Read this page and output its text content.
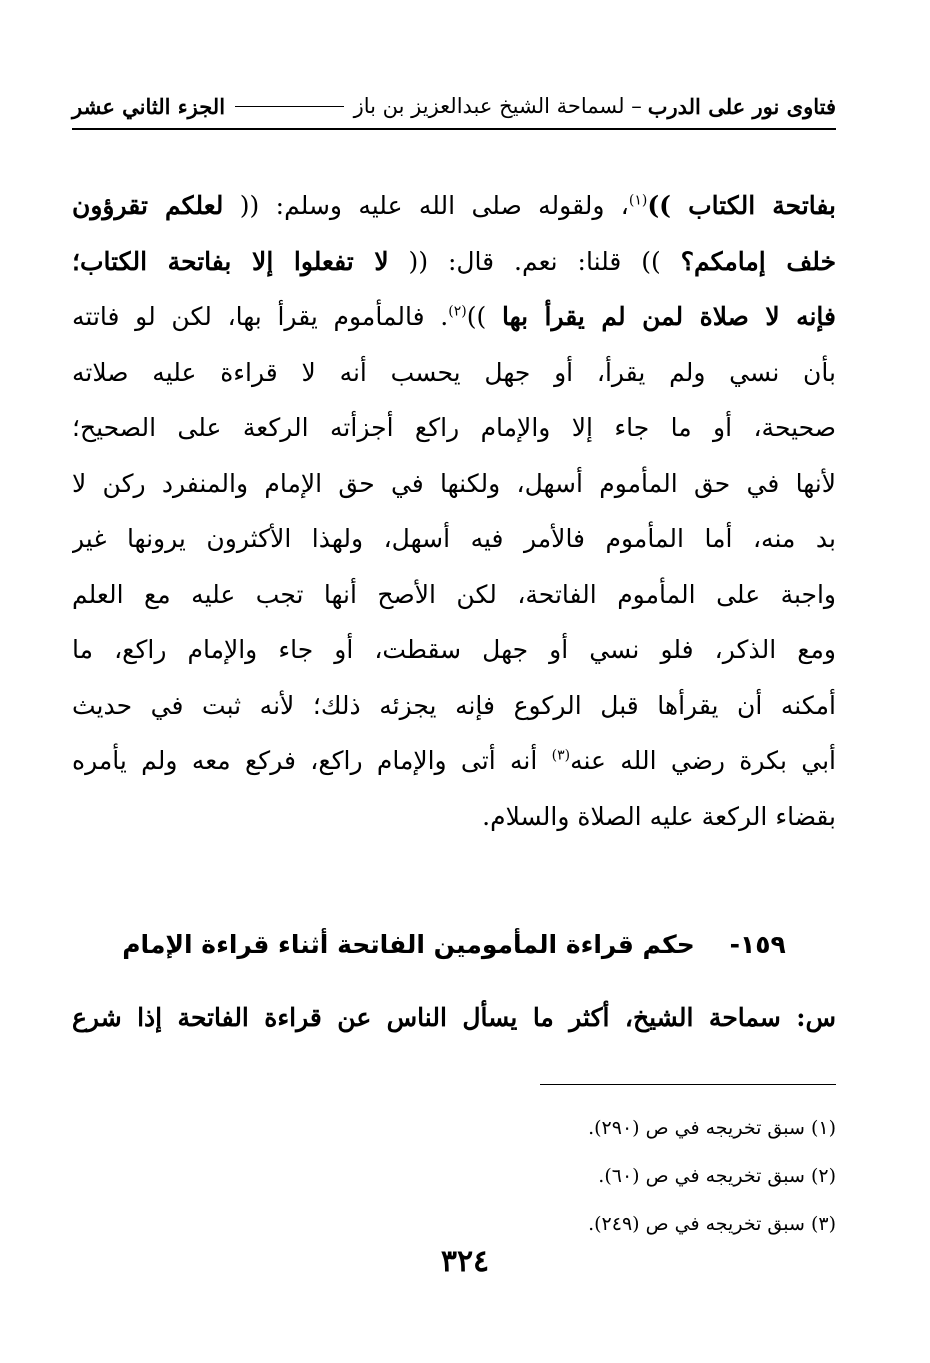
فتاوى نور على الدرب
– لسماحة الشيخ عبدالعزيز بن باز
الجزء الثاني عشر
بفاتحة الكتاب ))$^{(١)}$، ولقوله صلى الله عليه وسلم: (( لعلكم تقرؤون
خلف إمامكم؟ )) قلنا: نعم. قال: (( لا تفعلوا إلا بفاتحة الكتاب؛
فإنه لا صلاة لمن لم يقرأ بها ))$^{(٢)}$. فالمأموم يقرأ بها، لكن لو فاتته
بأن نسي ولم يقرأ، أو جهل يحسب أنه لا قراءة عليه صلاته
صحيحة، أو ما جاء إلا والإمام راكع أجزأته الركعة على الصحيح؛
لأنها في حق المأموم أسهل، ولكنها في حق الإمام والمنفرد ركن لا
بد منه، أما المأموم فالأمر فيه أسهل، ولهذا الأكثرون يرونها غير
واجبة على المأموم الفاتحة، لكن الأصح أنها تجب عليه مع العلم
ومع الذكر، فلو نسي أو جهل سقطت، أو جاء والإمام راكع، ما
أمكنه أن يقرأها قبل الركوع فإنه يجزئه ذلك؛ لأنه ثبت في حديث
أبي بكرة رضي الله عنه$^{(٣)}$ أنه أتى والإمام راكع، فركع معه ولم يأمره
بقضاء الركعة عليه الصلاة والسلام.
١٥٩-    حكم قراءة المأمومين الفاتحة أثناء قراءة الإمام
س: سماحة الشيخ، أكثر ما يسأل الناس عن قراءة الفاتحة إذا شرع
(١) سبق تخريجه في ص (٢٩٠).
(٢) سبق تخريجه في ص (٦٠).
(٣) سبق تخريجه في ص (٢٤٩).
٣٢٤
